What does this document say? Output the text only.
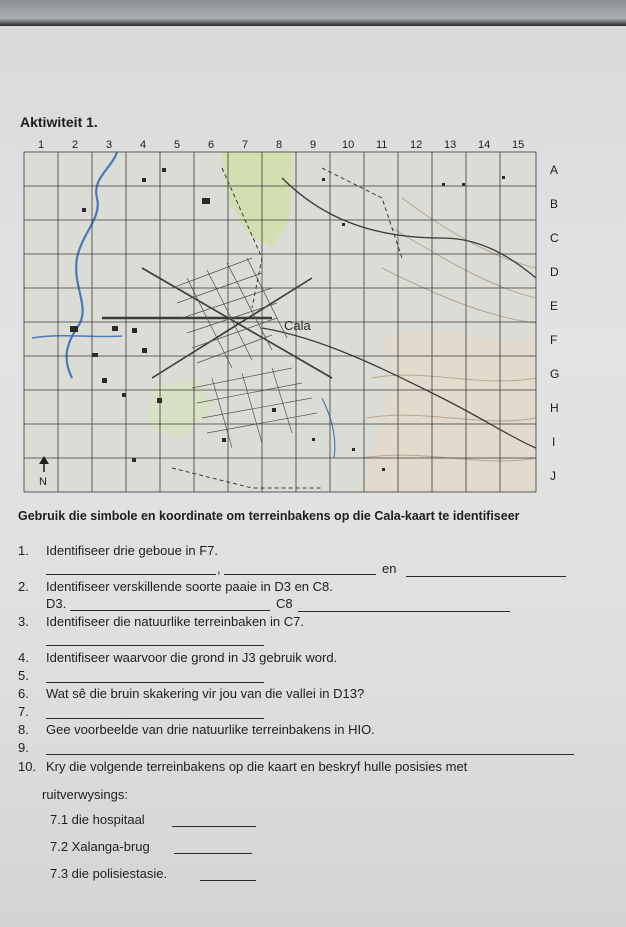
Aktiwiteit 1.
1	2	3	4	5	6	7	8	9 10 11 12 13 14 15
A
B
C
D
E
F
G
H
I
J
Cala
N
Gebruik die simbole en koordinate om terreinbakens op die Cala-kaart te identifiseer
1. Identifiseer drie geboue in F7.
,	en
2. Identifiseer verskillende soorte paaie in D3 en C8.
D3.	C8
3. Identifiseer die natuurlike terreinbaken in C7.
4. Identifiseer waarvoor die grond in J3 gebruik word.
5.
6. Wat sê die bruin skakering vir jou van die vallei in D13?
7.
8. Gee voorbeelde van drie natuurlike terreinbakens in HIO.
9.
10. Kry die volgende terreinbakens op die kaart en beskryf hulle posisies met
ruitverwysings:
7.1 die hospitaal
7.2 Xalanga-brug
7.3 die polisiestasie.
